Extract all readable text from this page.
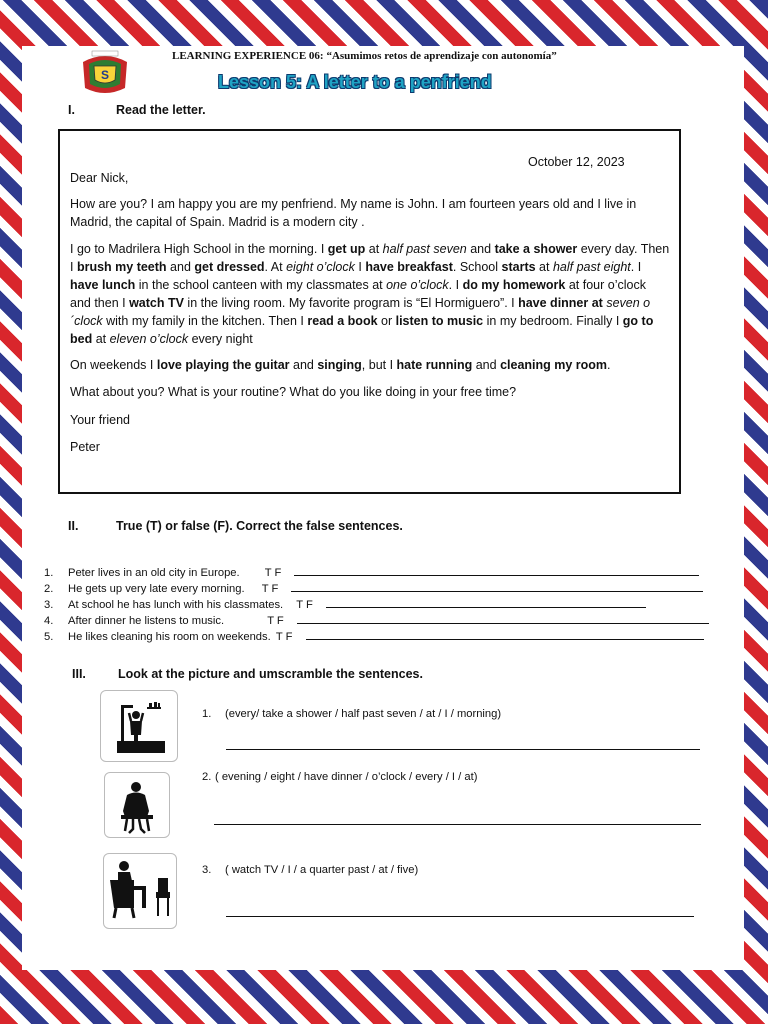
S
LEARNING EXPERIENCE 06: “Asumimos retos de aprendizaje con autonomía”
Lesson 5: A letter to a penfriend
I.	Read the letter.
October 12, 2023

Dear Nick,

How are you? I am happy you are my penfriend. My name is John. I am fourteen years old and I live in Madrid, the capital of Spain. Madrid is a modern city .

I go to Madrilera High School in the morning. I get up at half past seven and take a shower every day. Then I brush my teeth and get dressed. At eight o’clock I have breakfast. School starts at half past eight. I have lunch in the school canteen with my classmates at one o’clock. I do my homework at four o’clock and then I watch TV in the living room. My favorite program is “El Hormiguero”. I have dinner at seven o´clock with my family in the kitchen. Then I read a book or listen to music in my bedroom. Finally I go to bed at eleven o’clock every night

On weekends I love playing the guitar and singing, but I hate running and cleaning my room.

What about you? What is your routine? What do you like doing in your free time?

Your friend

Peter

II.	True (T) or false (F). Correct the false sentences.
1. Peter lives in an old city in Europe. T F
2. He gets up very late every morning. T F
3. At school he has lunch with his classmates. T F
4. After dinner he listens to music.	T F
5. He likes cleaning his room on weekends. T F
III.	Look at the picture and umscramble the sentences.
1. (every/ take a shower / half past seven / at / I / morning)
2. ( evening / eight / have dinner / o’clock / every / I / at)
3. ( watch TV / I / a quarter past / at / five)
